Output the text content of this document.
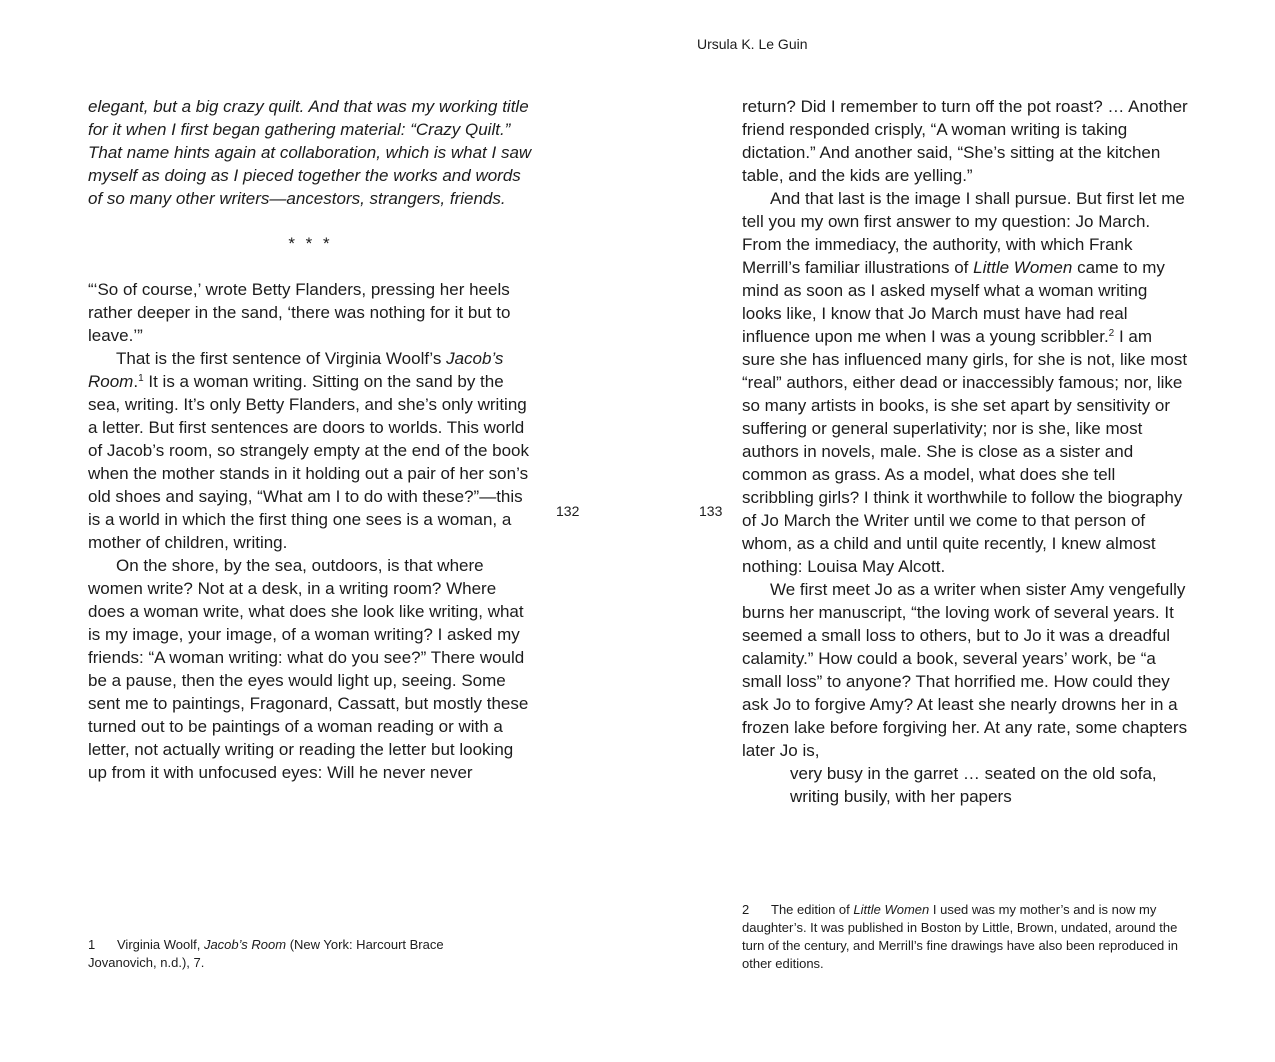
Ursula K. Le Guin
132	133

elegant, but a big crazy quilt. And that was my working title for it when I first began gathering material: “Crazy Quilt.” That name hints again at collaboration, which is what I saw myself as doing as I pieced together the works and words of so many other writers—ancestors, strangers, friends.

* * *

“‘So of course,’ wrote Betty Flanders, pressing her heels rather deeper in the sand, ‘there was nothing for it but to leave.’”

That is the first sentence of Virginia Woolf’s Jacob’s Room.$^1$ It is a woman writing. Sitting on the sand by the sea, writing. It’s only Betty Flanders, and she’s only writing a letter. But first sentences are doors to worlds. This world of Jacob’s room, so strangely empty at the end of the book when the mother stands in it holding out a pair of her son’s old shoes and saying, “What am I to do with these?”—this is a world in which the first thing one sees is a woman, a mother of children, writing.

On the shore, by the sea, outdoors, is that where women write? Not at a desk, in a writing room? Where does a woman write, what does she look like writing, what is my image, your image, of a woman writing? I asked my friends: “A woman writing: what do you see?” There would be a pause, then the eyes would light up, seeing. Some sent me to paintings, Fragonard, Cassatt, but mostly these turned out to be paintings of a woman reading or with a letter, not actually writing or reading the letter but looking up from it with unfocused eyes: Will he never never

return? Did I remember to turn off the pot roast? … Another friend responded crisply, “A woman writing is taking dictation.” And another said, “She’s sitting at the kitchen table, and the kids are yelling.”

And that last is the image I shall pursue. But first let me tell you my own first answer to my question: Jo March. From the immediacy, the authority, with which Frank Merrill’s familiar illustrations of Little Women came to my mind as soon as I asked myself what a woman writing looks like, I know that Jo March must have had real influence upon me when I was a young scribbler.$^2$ I am sure she has influenced many girls, for she is not, like most “real” authors, either dead or inaccessibly famous; nor, like so many artists in books, is she set apart by sensitivity or suffering or general superlativity; nor is she, like most authors in novels, male. She is close as a sister and common as grass. As a model, what does she tell scribbling girls? I think it worthwhile to follow the biography of Jo March the Writer until we come to that person of whom, as a child and until quite recently, I knew almost nothing: Louisa May Alcott.

We first meet Jo as a writer when sister Amy vengefully burns her manuscript, “the loving work of several years. It seemed a small loss to others, but to Jo it was a dreadful calamity.” How could a book, several years’ work, be “a small loss” to anyone? That horrified me. How could they ask Jo to forgive Amy? At least she nearly drowns her in a frozen lake before forgiving her. At any rate, some chapters later Jo is,

very busy in the garret … seated on the old sofa, writing busily, with her papers

1 Virginia Woolf, Jacob’s Room (New York: Harcourt Brace Jovanovich, n.d.), 7.
2 The edition of Little Women I used was my mother’s and is now my daughter’s. It was published in Boston by Little, Brown, undated, around the turn of the century, and Merrill’s fine drawings have also been reproduced in other editions.
